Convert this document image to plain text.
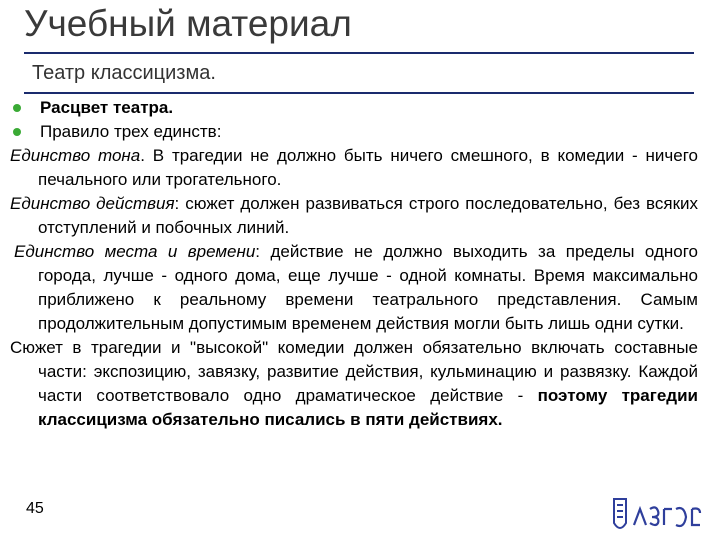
Учебный материал
Театр классицизма.
Расцвет театра.
Правило трех единств:
Единство тона. В трагедии не должно быть ничего смешного, в комедии - ничего печального или трогательного.
Единство действия: сюжет должен развиваться строго последовательно, без всяких отступлений и побочных линий.
Единство места и времени: действие не должно выходить за пределы одного города, лучше - одного дома, еще лучше - одной комнаты. Время максимально приближено к реальному времени театрального представления. Самым продолжительным допустимым временем действия могли быть лишь одни сутки.
Сюжет в трагедии и "высокой" комедии должен обязательно включать составные части: экспозицию, завязку, развитие действия, кульминацию и развязку. Каждой части соответствовало одно драматическое действие - поэтому трагедии классицизма обязательно писались в пяти действиях.
45
